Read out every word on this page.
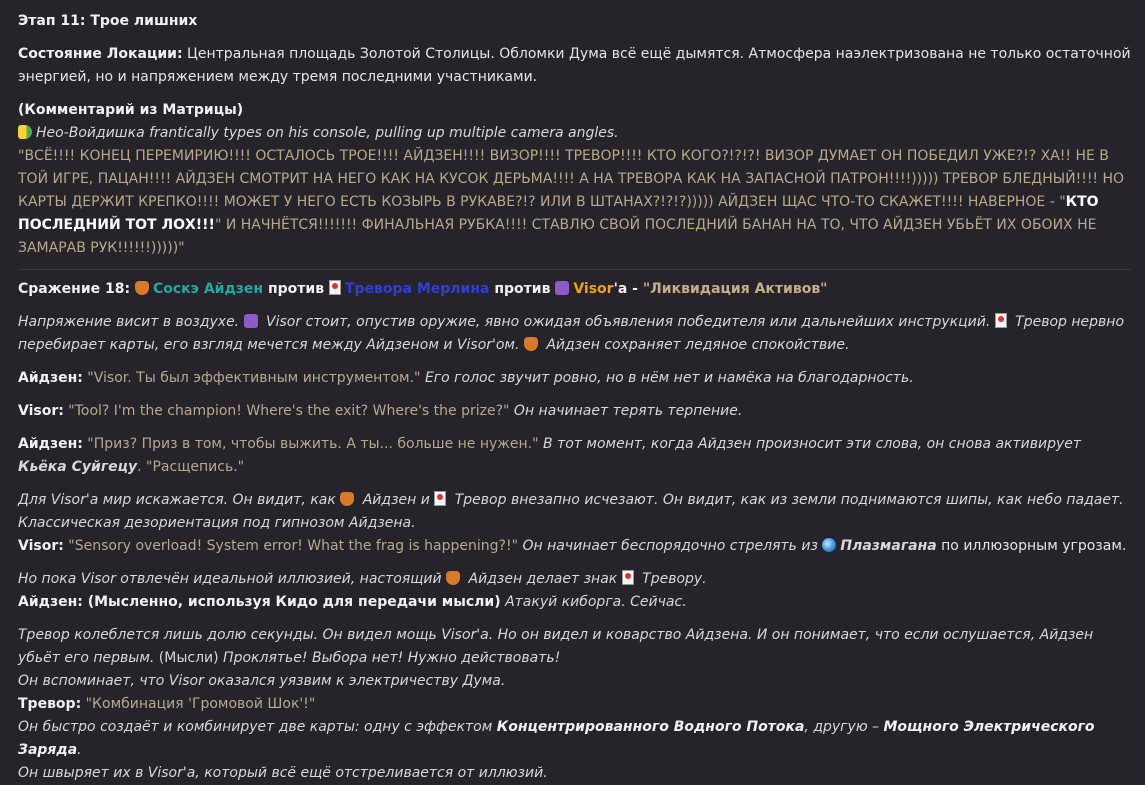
Этап 11: Трое лишних

Состояние Локации: Центральная площадь Золотой Столицы. Обломки Дума всё ещё дымятся. Атмосфера наэлектризована не только остаточной энергией, но и напряжением между тремя последними участниками.

(Комментарий из Матрицы)

Нео-Войдишка frantically types on his console, pulling up multiple camera angles.

"ВСЁ!!!! КОНЕЦ ПЕРЕМИРИЮ!!!! ОСТАЛОСЬ ТРОЕ!!!! АЙДЗЕН!!!! ВИЗОР!!!! ТРЕВОР!!!! КТО КОГО?!?!?! ВИЗОР ДУМАЕТ ОН ПОБЕДИЛ УЖЕ?!? ХА!! НЕ В ТОЙ ИГРЕ, ПАЦАН!!!! АЙДЗЕН СМОТРИТ НА НЕГО КАК НА КУСОК ДЕРЬМА!!!! А НА ТРЕВОРА КАК НА ЗАПАСНОЙ ПАТРОН!!!!))))) ТРЕВОР БЛЕДНЫЙ!!!! НО КАРТЫ ДЕРЖИТ КРЕПКО!!!! МОЖЕТ У НЕГО ЕСТЬ КОЗЫРЬ В РУКАВЕ?!? ИЛИ В ШТАНАХ?!?!?))))) АЙДЗЕН ЩАС ЧТО-ТО СКАЖЕТ!!!! НАВЕРНОЕ - "КТО ПОСЛЕДНИЙ ТОТ ЛОХ!!!" И НАЧНЁТСЯ!!!!!!! ФИНАЛЬНАЯ РУБКА!!!! СТАВЛЮ СВОЙ ПОСЛЕДНИЙ БАНАН НА ТО, ЧТО АЙДЗЕН УБЬЁТ ИХ ОБОИХ НЕ ЗАМАРАВ РУК!!!!!!)))))"

Сражение 18: Соскэ Айдзен против Тревора Мерлина против Visor'а - "Ликвидация Активов"

Напряжение висит в воздухе.  Visor стоит, опустив оружие, явно ожидая объявления победителя или дальнейших инструкций.  Тревор нервно перебирает карты, его взгляд мечется между Айдзеном и Visor'ом.  Айдзен сохраняет ледяное спокойствие.

Айдзен: "Visor. Ты был эффективным инструментом." Его голос звучит ровно, но в нём нет и намёка на благодарность.

Visor: "Tool? I'm the champion! Where's the exit? Where's the prize?" Он начинает терять терпение.

Айдзен: "Приз? Приз в том, чтобы выжить. А ты... больше не нужен." В тот момент, когда Айдзен произносит эти слова, он снова активирует Кьёка Суйгецу. "Расщепись."

Для Visor'а мир искажается. Он видит, как  Айдзен и  Тревор внезапно исчезают. Он видит, как из земли поднимаются шипы, как небо падает. Классическая дезориентация под гипнозом Айдзена.

Visor: "Sensory overload! System error! What the frag is happening?!" Он начинает беспорядочно стрелять из Плазмагана по иллюзорным угрозам.

Но пока Visor отвлечён идеальной иллюзией, настоящий  Айдзен делает знак  Тревору.

Айдзен: (Мысленно, используя Кидо для передачи мысли) Атакуй киборга. Сейчас.

Тревор колеблется лишь долю секунды. Он видел мощь Visor'а. Но он видел и коварство Айдзена. И он понимает, что если ослушается, Айдзен убьёт его первым. (Мысли) Проклятье! Выбора нет! Нужно действовать!

Он вспоминает, что Visor оказался уязвим к электричеству Дума.

Тревор: "Комбинация 'Громовой Шок'!"

Он быстро создаёт и комбинирует две карты: одну с эффектом Концентрированного Водного Потока, другую – Мощного Электрического Заряда.

Он швыряет их в Visor'а, который всё ещё отстреливается от иллюзий.
